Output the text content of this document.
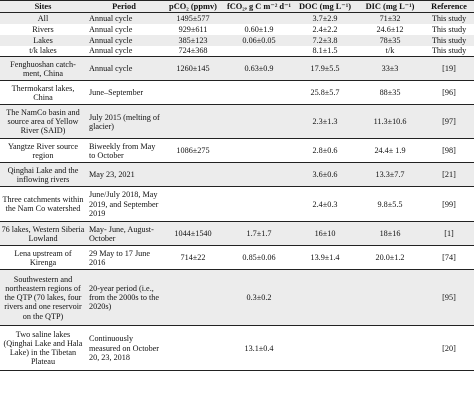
Sites	Period	pCO₂ (ppmv)	fCO₂, g C m⁻² d⁻¹	DOC (mg L⁻¹)	DIC (mg L⁻¹)	Reference
All	Annual cycle	1495±577		3.7±2.9	71±32	This study
Rivers	Annual cycle	929±611	0.60±1.9	2.4±2.2	24.6±12	This study
Lakes	Annual cycle	385±123	0.06±0.05	7.2±3.8	78±35	This study
t/k lakes	Annual cycle	724±368		8.1±1.5	t/k	This study
Fenghuoshan catch-ment, China	Annual cycle	1260±145	0.63±0.9	17.9±5.5	33±3	[19]
Thermokarst lakes, China	June–September			25.8±5.7	88±35	[96]
The NamCo basin and source area of Yellow River (SAID)	July 2015 (melting of glacier)			2.3±1.3	11.3±10.6	[97]
Yangtze River source region	Biweekly from May to October	1086±275		2.8±0.6	24.4± 1.9	[98]
Qinghai Lake and the inflowing rivers	May 23, 2021			3.6±0.6	13.3±7.7	[21]
Three catchments within the Nam Co watershed	June/July 2018, May 2019, and September 2019			2.4±0.3	9.8±5.5	[99]
76 lakes, Western Siberia Lowland	May- June, August-October	1044±1540	1.7±1.7	16±10	18±16	[1]
Lena upstream of Kirenga	29 May to 17 June 2016	714±22	0.85±0.06	13.9±1.4	20.0±1.2	[74]
Southwestern and northeastern regions of the QTP (70 lakes, four rivers and one reservoir on the QTP)	20-year period (i.e., from the 2000s to the 2020s)		0.3±0.2			[95]
Two saline lakes (Qinghai Lake and Hala Lake) in the Tibetan Plateau	Continuously measured on October 20, 23, 2018		13.1±0.4			[20]
